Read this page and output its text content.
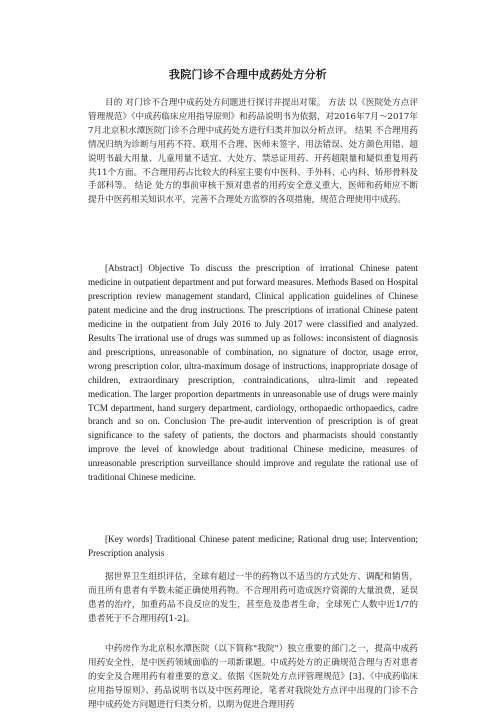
我院门诊不合理中成药处方分析

目的 对门诊不合理中成药处方问题进行探讨并提出对策。 方法 以《医院处方点评管理规范》《中成药临床应用指导原则》和药品说明书为依据，对2016年7月～2017年7月北京积水潭医院门诊不合理中成药处方进行归类并加以分析点评。 结果 不合理用药情况归纳为诊断与用药不符、联用不合理、医师未签字、用法错误、处方颜色用错、超说明书最大用量、儿童用量不适宜、大处方、禁忌证用药、开药超限量和疑似重复用药共11个方面。不合理用药占比较大的科室主要有中医科、手外科、心内科、矫形骨科及手部科等。 结论 处方的事前审核干预对患者的用药安全意义重大，医师和药师应不断提升中医药相关知识水平，完善不合理处方监察的各项措施，规范合理使用中成药。

[Abstract] Objective To discuss the prescription of irrational Chinese patent medicine in outpatient department and put forward measures. Methods Based on Hospital prescription review management standard, Clinical application guidelines of Chinese patent medicine and the drug instructions. The prescriptions of irrational Chinese patent medicine in the outpatient from July 2016 to July 2017 were classified and analyzed. Results The irrational use of drugs was summed up as follows: inconsistent of diagnosis and prescriptions, unreasonable of combination, no signature of doctor, usage error, wrong prescription color, ultra-maximum dosage of instructions, inappropriate dosage of children, extraordinary prescription, contraindications, ultra-limit and repeated medication. The larger proportion departments in unreasonable use of drugs were mainly TCM department, hand surgery department, cardiology, orthopaedic orthopaedics, cadre branch and so on. Conclusion The pre-audit intervention of prescription is of great significance to the safety of patients, the doctors and pharmacists should constantly improve the level of knowledge about traditional Chinese medicine, measures of unreasonable prescription surveillance should improve and regulate the rational use of traditional Chinese medicine.

[Key words] Traditional Chinese patent medicine; Rational drug use; Intervention; Prescription analysis

据世界卫生组织评估，全球有超过一半的药物以不适当的方式处方、调配和销售，而且所有患者有半数未能正确使用药物。不合理用药可造成医疗资源的大量浪费，延误患者的治疗，加重药品不良反应的发生，甚至危及患者生命，全球死亡人数中近1/7的患者死于不合理用药[1-2]。

中药房作为北京积水潭医院（以下简称"我院"）独立重要的部门之一，提高中成药用药安全性，是中医药领域面临的一项新课题。中成药处方的正确规范合理与否对患者的安全及合理用药有着重要的意义。依据《医院处方点评管理规范》[3]、《中成药临床应用指导原则》、药品说明书以及中医药理论，笔者对我院处方点评中出现的门诊不合理中成药处方问题进行归类分析，以期为促进合理用药
